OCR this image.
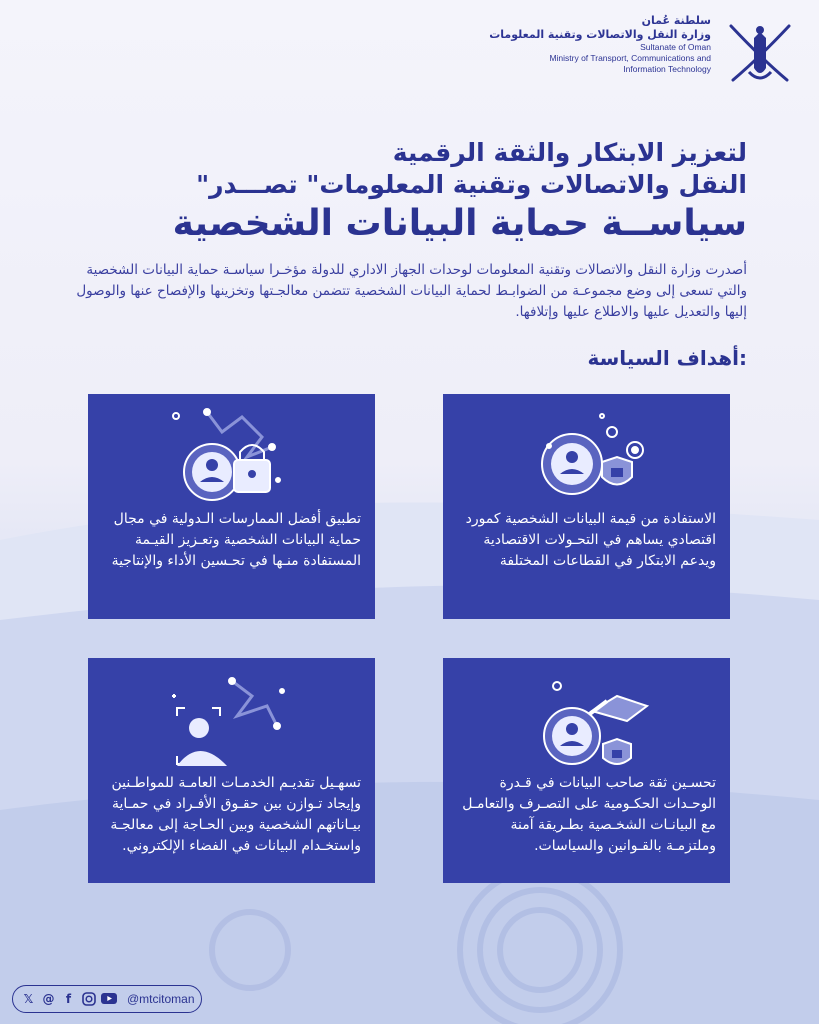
سلطنة عُمان
وزارة النقل والاتصالات وتقنية المعلومات
Sultanate of Oman
Ministry of Transport, Communications and
Information Technology
لتعزيز الابتكار والثقة الرقمية
"النقل والاتصالات وتقنية المعلومات" تصـــدر
سياســة حماية البيانات الشخصية
أصدرت وزارة النقل والاتصالات وتقنية المعلومات لوحدات الجهاز الاداري للدولة مؤخـرا سياسـة حماية البيانات الشخصية والتي تسعى إلى وضع مجموعـة من الضوابـط لحماية البيانات الشخصية تتضمن معالجـتها وتخزينها والإفصاح عنها والوصول إليها والتعديل عليها والاطلاع عليها وإتلافها.
أهداف السياسة:
الاستفادة من قيمة البيانات الشخصية كمورد اقتصادي يساهم في التحـولات الاقتصادية ويدعم الابتكار في القطاعات المختلفة
تطبيق أفضل الممارسات الـدولية في مجال حماية البيانات الشخصية وتعـزيز القيـمة المستفادة منـها في تحـسين الأداء والإنتاجية
تحسـين ثقة صاحب البيانات في قـدرة الوحـدات الحكـومية على التصـرف والتعامـل مع البيانـات الشخـصية بطـريقة آمنة وملتزمـة بالقـوانين والسياسات.
تسهـيل تقديـم الخدمـات العامـة للمواطـنين وإيجاد تـوازن بين حقـوق الأفـراد في حمـاية بيـاناتهم الشخصية وبين الحـاجة إلى معالجـة واستخـدام البيانات في الفضاء الإلكتروني.
𝕏 @ f	@mtcitoman
